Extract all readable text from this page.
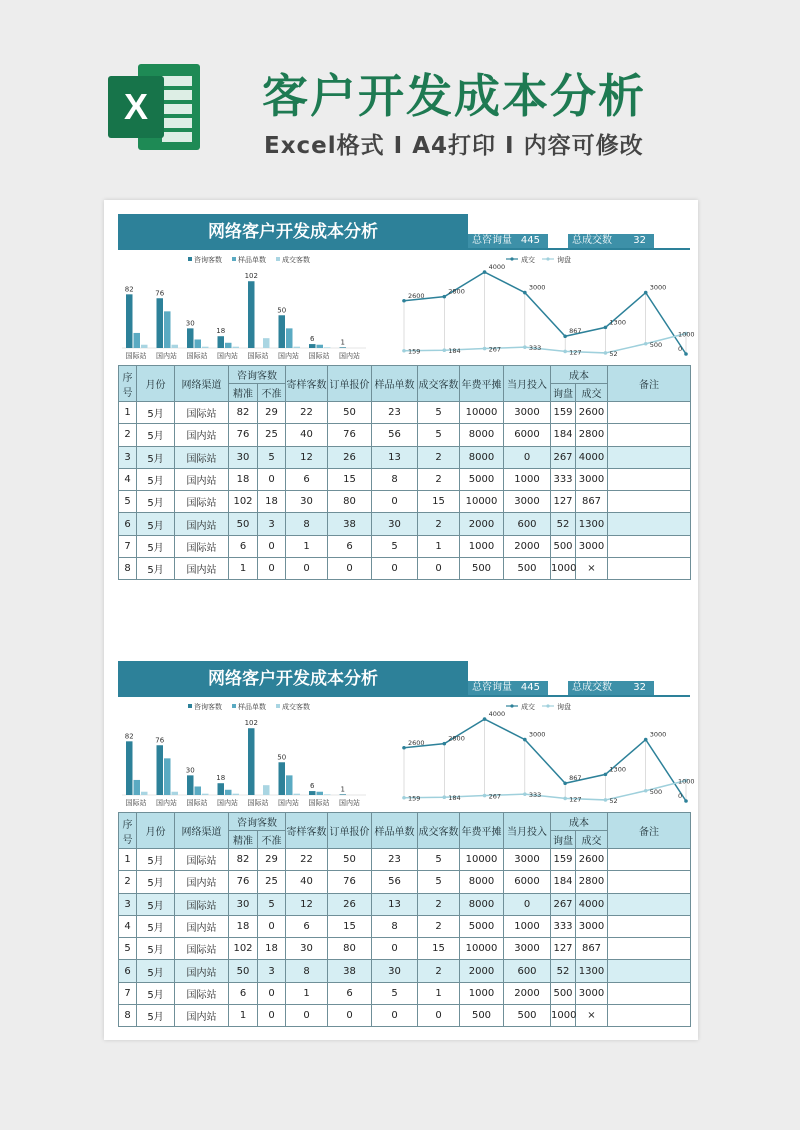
X 客户开发成本分析
Excel格式 I A4打印 I 内容可修改
网络客户开发成本分析	总咨询量 445	总成交数 32
咨询客数 样品单数 成交客数
82
国际站
76
国内站
30
国际站
18
国内站
102
国际站
50
国内站
6
国际站
1
国内站
成交	询盘
2600
2800
4000
3000
867
1300
3000
0
159	184	267	333
127	52
500
1000
序号	月份	网络渠道	咨询客数		寄样客数	订单报价	样品单数	成交客数	年费平摊	当月投入	成本		备注
			精准	不准							询盘	成交	
1	5月	国际站	82	29	22	50	23	5	10000	3000	159	2600	
2	5月	国内站	76	25	40	76	56	5	8000	6000	184	2800	
3	5月	国际站	30	5	12	26	13	2	8000	0	267	4000	
4	5月	国内站	18	0	6	15	8	2	5000	1000	333	3000	
5	5月	国际站	102	18	30	80	0	15	10000	3000	127	867	
6	5月	国内站	50	3	8	38	30	2	2000	600	52	1300	
7	5月	国际站	6	0	1	6	5	1	1000	2000	500	3000	
8	5月	国内站	1	0	0	0	0	0	500	500	1000	×	
网络客户开发成本分析	总咨询量 445	总成交数 32
咨询客数 样品单数 成交客数
82
国际站
76
国内站
30
国际站
18
国内站
102
国际站
50
国内站
6
国际站
1
国内站
成交	询盘
2600
2800
4000
3000
867
1300
3000
0
159	184	267	333
127	52
500
1000
序号	月份	网络渠道	咨询客数		寄样客数	订单报价	样品单数	成交客数	年费平摊	当月投入	成本		备注
			精准	不准							询盘	成交	
1	5月	国际站	82	29	22	50	23	5	10000	3000	159	2600	
2	5月	国内站	76	25	40	76	56	5	8000	6000	184	2800	
3	5月	国际站	30	5	12	26	13	2	8000	0	267	4000	
4	5月	国内站	18	0	6	15	8	2	5000	1000	333	3000	
5	5月	国际站	102	18	30	80	0	15	10000	3000	127	867	
6	5月	国内站	50	3	8	38	30	2	2000	600	52	1300	
7	5月	国际站	6	0	1	6	5	1	1000	2000	500	3000	
8	5月	国内站	1	0	0	0	0	0	500	500	1000	×	
